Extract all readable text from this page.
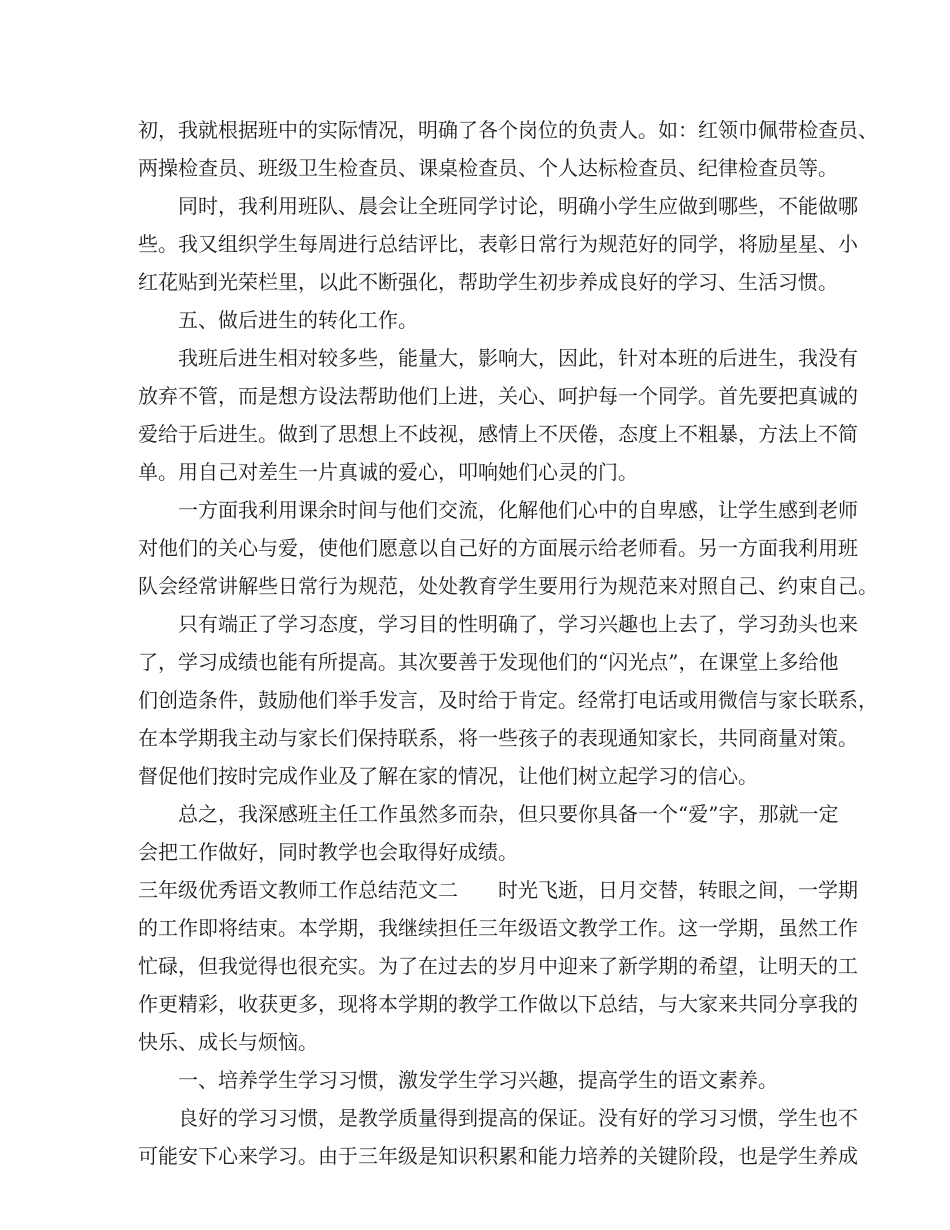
初，我就根据班中的实际情况，明确了各个岗位的负责人。如：红领巾佩带检查员、
两操检查员、班级卫生检查员、课桌检查员、个人达标检查员、纪律检查员等。
同时，我利用班队、晨会让全班同学讨论，明确小学生应做到哪些，不能做哪
些。我又组织学生每周进行总结评比，表彰日常行为规范好的同学，将励星星、小
红花贴到光荣栏里，以此不断强化，帮助学生初步养成良好的学习、生活习惯。
五、做后进生的转化工作。
我班后进生相对较多些，能量大，影响大，因此，针对本班的后进生，我没有
放弃不管，而是想方设法帮助他们上进，关心、呵护每一个同学。首先要把真诚的
爱给于后进生。做到了思想上不歧视，感情上不厌倦，态度上不粗暴，方法上不简
单。用自己对差生一片真诚的爱心，叩响她们心灵的门。
一方面我利用课余时间与他们交流，化解他们心中的自卑感，让学生感到老师
对他们的关心与爱，使他们愿意以自己好的方面展示给老师看。另一方面我利用班
队会经常讲解些日常行为规范，处处教育学生要用行为规范来对照自己、约束自己。
只有端正了学习态度，学习目的性明确了，学习兴趣也上去了，学习劲头也来
了，学习成绩也能有所提高。其次要善于发现他们的“闪光点”，在课堂上多给他
们创造条件，鼓励他们举手发言，及时给于肯定。经常打电话或用微信与家长联系，
在本学期我主动与家长们保持联系，将一些孩子的表现通知家长，共同商量对策。
督促他们按时完成作业及了解在家的情况，让他们树立起学习的信心。
总之，我深感班主任工作虽然多而杂，但只要你具备一个“爱”字，那就一定
会把工作做好，同时教学也会取得好成绩。
三年级优秀语文教师工作总结范文二　　时光飞逝，日月交替，转眼之间，一学期
的工作即将结束。本学期，我继续担任三年级语文教学工作。这一学期，虽然工作
忙碌，但我觉得也很充实。为了在过去的岁月中迎来了新学期的希望，让明天的工
作更精彩，收获更多，现将本学期的教学工作做以下总结，与大家来共同分享我的
快乐、成长与烦恼。
一、培养学生学习习惯，激发学生学习兴趣，提高学生的语文素养。
良好的学习习惯，是教学质量得到提高的保证。没有好的学习习惯，学生也不
可能安下心来学习。由于三年级是知识积累和能力培养的关键阶段，也是学生养成
